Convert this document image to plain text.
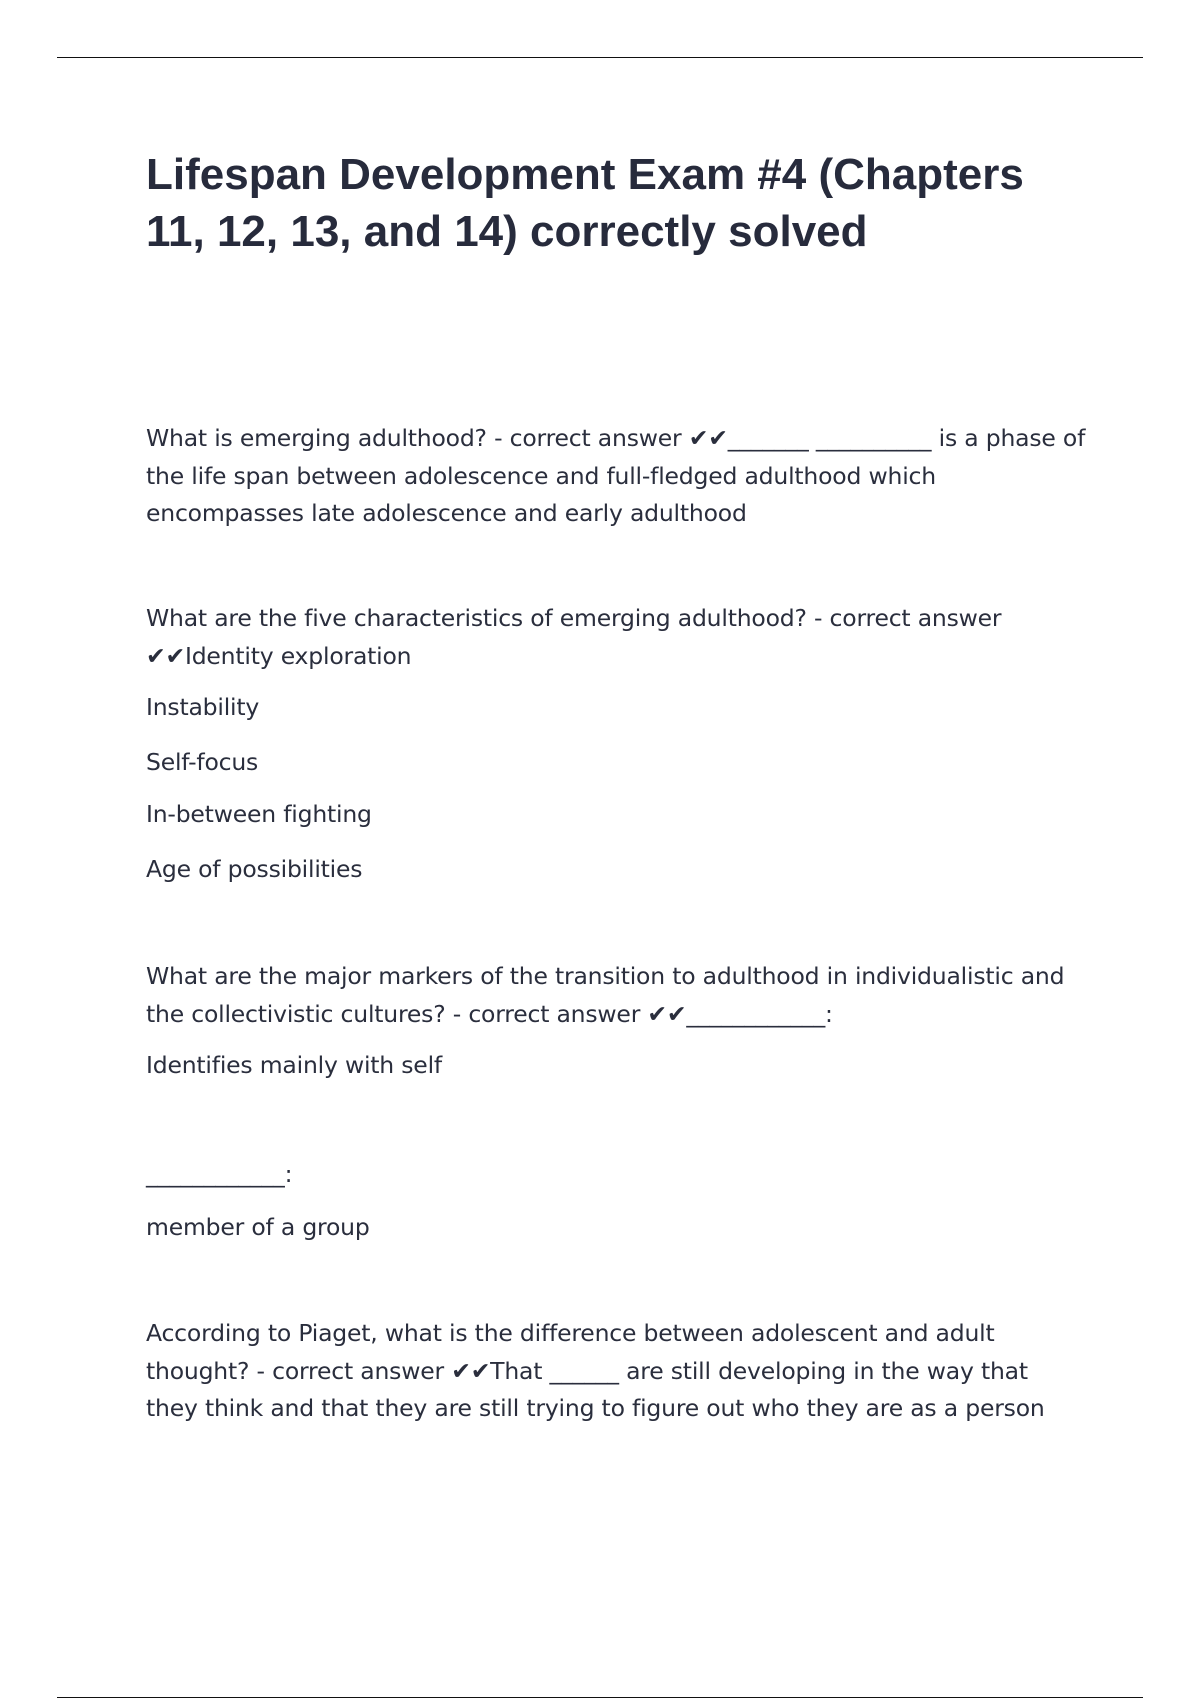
Lifespan Development Exam #4 (Chapters 11, 12, 13, and 14) correctly solved

What is emerging adulthood? - correct answer ✔✔_______ __________ is a phase of the life span between adolescence and full-fledged adulthood which encompasses late adolescence and early adulthood

What are the five characteristics of emerging adulthood? - correct answer ✔✔Identity exploration

Instability

Self-focus

In-between fighting

Age of possibilities

What are the major markers of the transition to adulthood in individualistic and the collectivistic cultures? - correct answer ✔✔____________:

Identifies mainly with self

____________:

member of a group

According to Piaget, what is the difference between adolescent and adult thought? - correct answer ✔✔That ______ are still developing in the way that they think and that they are still trying to figure out who they are as a person
